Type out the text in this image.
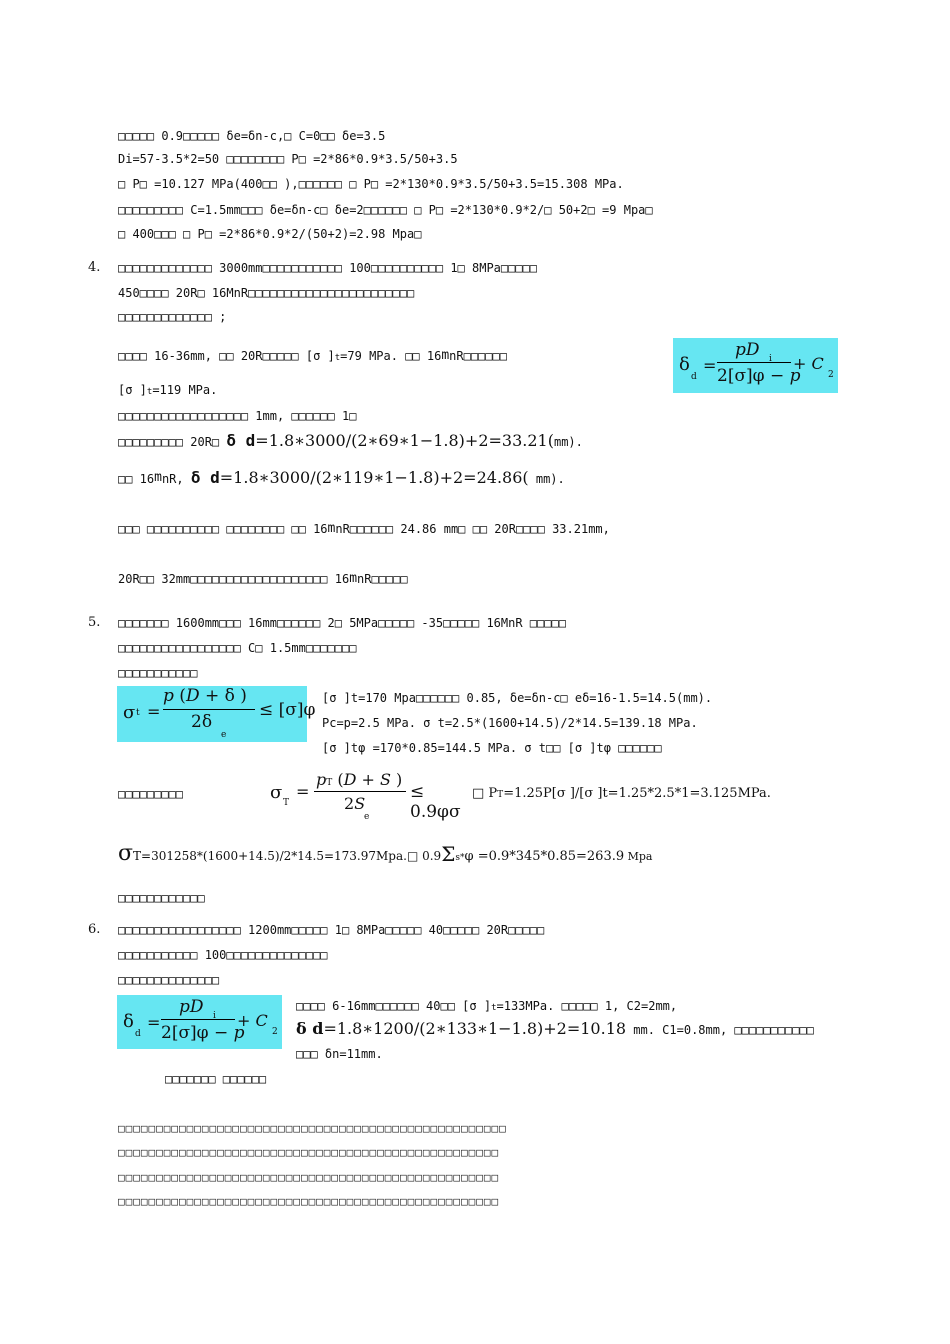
□□□□□ 0.9□□□□□ δe=δn-c,□ C=0□□ δe=3.5
Di=57-3.5*2=50 □□□□□□□□ P□ =2*86*0.9*3.5/50+3.5
□ P□ =10.127 MPa(400□□ ),□□□□□□ □ P□ =2*130*0.9*3.5/50+3.5=15.308 MPa.
□□□□□□□□□ C=1.5mm□□□ δe=δn-c□ δe=2□□□□□□ □ P□ =2*130*0.9*2/□ 50+2□ =9 Mpa□
□ 400□□□ □ P□ =2*86*0.9*2/(50+2)=2.98 Mpa□
4. □□□□□□□□□□□□□ 3000mm□□□□□□□□□□□ 100□□□□□□□□□□ 1□ 8MPa□□□□□
450□□□□ 20R□ 16MnR□□□□□□□□□□□□□□□□□□□□□□□
□□□□□□□□□□□□□ ;
□□□□ 16-36mm, □□ 20R□□□□□ [σ ]t=79 MPa. □□ 16mnR□□□□□□	δ
d
=
pD i
2[σ]φ − p
+ C
2
[σ ]t=119 MPa.
□□□□□□□□□□□□□□□□□□ 1mm, □□□□□□ 1□
□□□□□□□□□ 20R□ δ d=1.8∗3000/(2∗69∗1−1.8)+2=33.21(mm).
□□ 16mnR, δ d=1.8∗3000/(2∗119∗1−1.8)+2=24.86( mm).
□□□ □□□□□□□□□□ □□□□□□□□ □□ 16mnR□□□□□□ 24.86 mm□ □□ 20R□□□□ 33.21mm,
20R□□ 32mm□□□□□□□□□□□□□□□□□□□ 16mnR□□□□□
5. □□□□□□□ 1600mm□□□ 16mm□□□□□□ 2□ 5MPa□□□□□ -35□□□□□ 16MnR □□□□□
□□□□□□□□□□□□□□□□□ C□ 1.5mm□□□□□□□
□□□□□□□□□□□
σ t =
p (D + δ )
2δ
e
≤ [σ]φ
[σ ]t=170 Mpa□□□□□□ 0.85, δe=δn-c□ eδ=16-1.5=14.5(mm).
Pc=p=2.5 MPa. σ t=2.5*(1600+14.5)/2*14.5=139.18 MPa.
[σ ]tφ =170*0.85=144.5 MPa. σ t□□ [σ ]tφ □□□□□□
□□□□□□□□□	σ T
=
pT (D + S )
2S
e
≤ 0.9φσ
□ PT=1.25P[σ ]/[σ ]t=1.25*2.5*1=3.125MPa.
σT=301258*(1600+14.5)/2*14.5=173.97Mpa.□ 0.9Σs*φ =0.9*345*0.85=263.9 Mpa
□□□□□□□□□□□□
6. □□□□□□□□□□□□□□□□□ 1200mm□□□□□ 1□ 8MPa□□□□□ 40□□□□□ 20R□□□□□
□□□□□□□□□□□ 100□□□□□□□□□□□□□□
□□□□□□□□□□□□□□
δ
d
=
pD i
2[σ]φ − p
+ C
2
□□□□ 6-16mm□□□□□□ 40□□ [σ ]t=133MPa. □□□□□ 1, C2=2mm,
δ d=1.8∗1200/(2∗133∗1−1.8)+2=10.18 mm. C1=0.8mm, □□□□□□□□□□□
□□□ δn=11mm.
□□□□□□□ □□□□□□
□□□□□□□□□□□□□□□□□□□□□□□□□□□□□□□□□□□□□□□□□□□□□□□□□□□
□□□□□□□□□□□□□□□□□□□□□□□□□□□□□□□□□□□□□□□□□□□□□□□□□□
□□□□□□□□□□□□□□□□□□□□□□□□□□□□□□□□□□□□□□□□□□□□□□□□□□
□□□□□□□□□□□□□□□□□□□□□□□□□□□□□□□□□□□□□□□□□□□□□□□□□□
